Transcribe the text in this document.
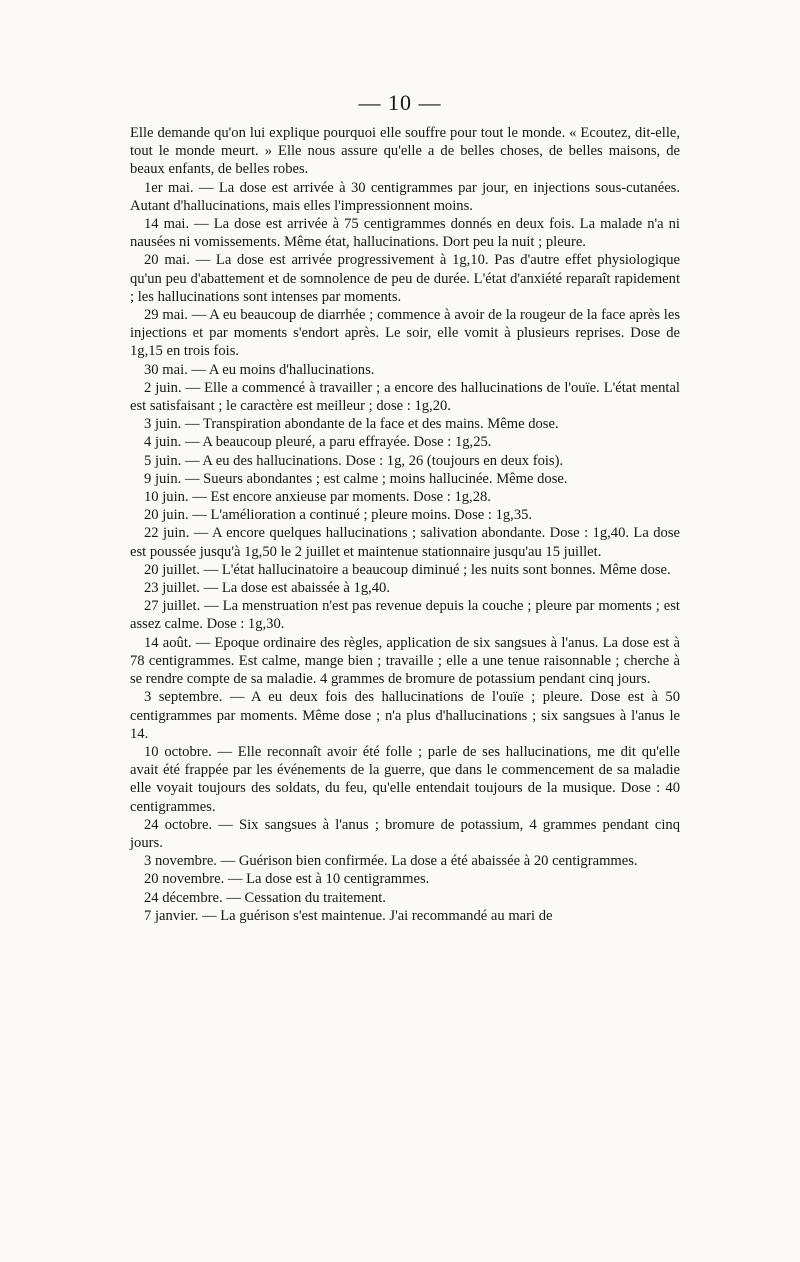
— 10 —

Elle demande qu'on lui explique pourquoi elle souffre pour tout le monde. « Ecoutez, dit-elle, tout le monde meurt. » Elle nous assure qu'elle a de belles choses, de belles maisons, de beaux enfants, de belles robes.

1er mai. — La dose est arrivée à 30 centigrammes par jour, en injections sous-cutanées. Autant d'hallucinations, mais elles l'impressionnent moins.

14 mai. — La dose est arrivée à 75 centigrammes donnés en deux fois. La malade n'a ni nausées ni vomissements. Même état, hallucinations. Dort peu la nuit ; pleure.

20 mai. — La dose est arrivée progressivement à 1g,10. Pas d'autre effet physiologique qu'un peu d'abattement et de somnolence de peu de durée. L'état d'anxiété reparaît rapidement ; les hallucinations sont intenses par moments.

29 mai. — A eu beaucoup de diarrhée ; commence à avoir de la rougeur de la face après les injections et par moments s'endort après. Le soir, elle vomit à plusieurs reprises. Dose de 1g,15 en trois fois.

30 mai. — A eu moins d'hallucinations.

2 juin. — Elle a commencé à travailler ; a encore des hallucinations de l'ouïe. L'état mental est satisfaisant ; le caractère est meilleur ; dose : 1g,20.

3 juin. — Transpiration abondante de la face et des mains. Même dose.

4 juin. — A beaucoup pleuré, a paru effrayée. Dose : 1g,25.

5 juin. — A eu des hallucinations. Dose : 1g, 26 (toujours en deux fois).

9 juin. — Sueurs abondantes ; est calme ; moins hallucinée. Même dose.

10 juin. — Est encore anxieuse par moments. Dose : 1g,28.

20 juin. — L'amélioration a continué ; pleure moins. Dose : 1g,35.

22 juin. — A encore quelques hallucinations ; salivation abondante. Dose : 1g,40. La dose est poussée jusqu'à 1g,50 le 2 juillet et maintenue stationnaire jusqu'au 15 juillet.

20 juillet. — L'état hallucinatoire a beaucoup diminué ; les nuits sont bonnes. Même dose.

23 juillet. — La dose est abaissée à 1g,40.

27 juillet. — La menstruation n'est pas revenue depuis la couche ; pleure par moments ; est assez calme. Dose : 1g,30.

14 août. — Epoque ordinaire des règles, application de six sangsues à l'anus. La dose est à 78 centigrammes. Est calme, mange bien ; travaille ; elle a une tenue raisonnable ; cherche à se rendre compte de sa maladie. 4 grammes de bromure de potassium pendant cinq jours.

3 septembre. — A eu deux fois des hallucinations de l'ouïe ; pleure. Dose est à 50 centigrammes par moments. Même dose ; n'a plus d'hallucinations ; six sangsues à l'anus le 14.

10 octobre. — Elle reconnaît avoir été folle ; parle de ses hallucinations, me dit qu'elle avait été frappée par les événements de la guerre, que dans le commencement de sa maladie elle voyait toujours des soldats, du feu, qu'elle entendait toujours de la musique. Dose : 40 centigrammes.

24 octobre. — Six sangsues à l'anus ; bromure de potassium, 4 grammes pendant cinq jours.

3 novembre. — Guérison bien confirmée. La dose a été abaissée à 20 centigrammes.

20 novembre. — La dose est à 10 centigrammes.

24 décembre. — Cessation du traitement.

7 janvier. — La guérison s'est maintenue. J'ai recommandé au mari de
